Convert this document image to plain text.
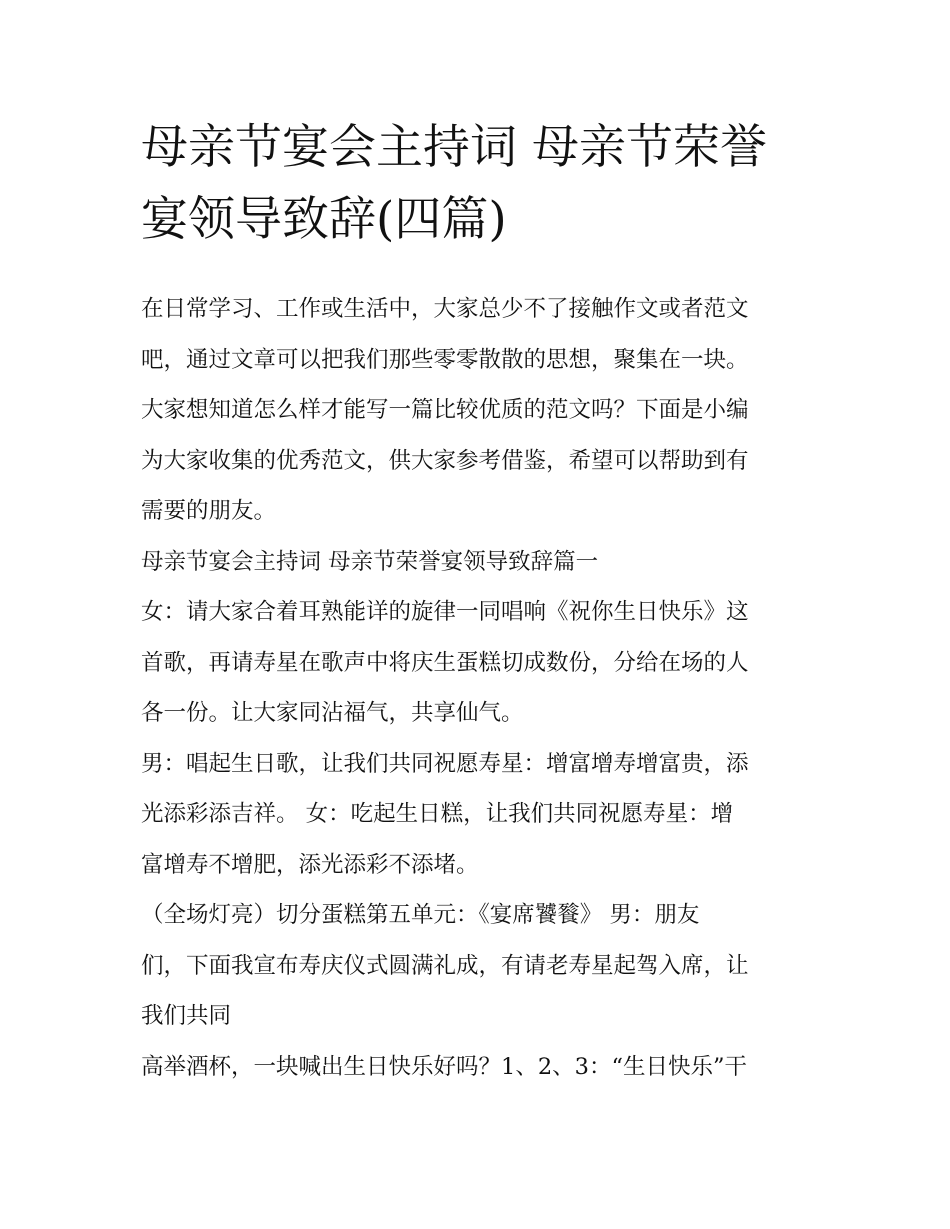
母亲节宴会主持词 母亲节荣誉
宴领导致辞(四篇)

在日常学习、工作或生活中，大家总少不了接触作文或者范文

吧，通过文章可以把我们那些零零散散的思想，聚集在一块。

大家想知道怎么样才能写一篇比较优质的范文吗？下面是小编

为大家收集的优秀范文，供大家参考借鉴，希望可以帮助到有

需要的朋友。

母亲节宴会主持词 母亲节荣誉宴领导致辞篇一

女：请大家合着耳熟能详的旋律一同唱响《祝你生日快乐》这

首歌，再请寿星在歌声中将庆生蛋糕切成数份，分给在场的人

各一份。让大家同沾福气，共享仙气。

男：唱起生日歌，让我们共同祝愿寿星：增富增寿增富贵，添

光添彩添吉祥。 女：吃起生日糕，让我们共同祝愿寿星：增

富增寿不增肥，添光添彩不添堵。

（全场灯亮）切分蛋糕第五单元：《宴席饕餮》 男：朋友

们，下面我宣布寿庆仪式圆满礼成，有请老寿星起驾入席，让

我们共同

高举酒杯，一块喊出生日快乐好吗？1、2、3：“生日快乐”干
